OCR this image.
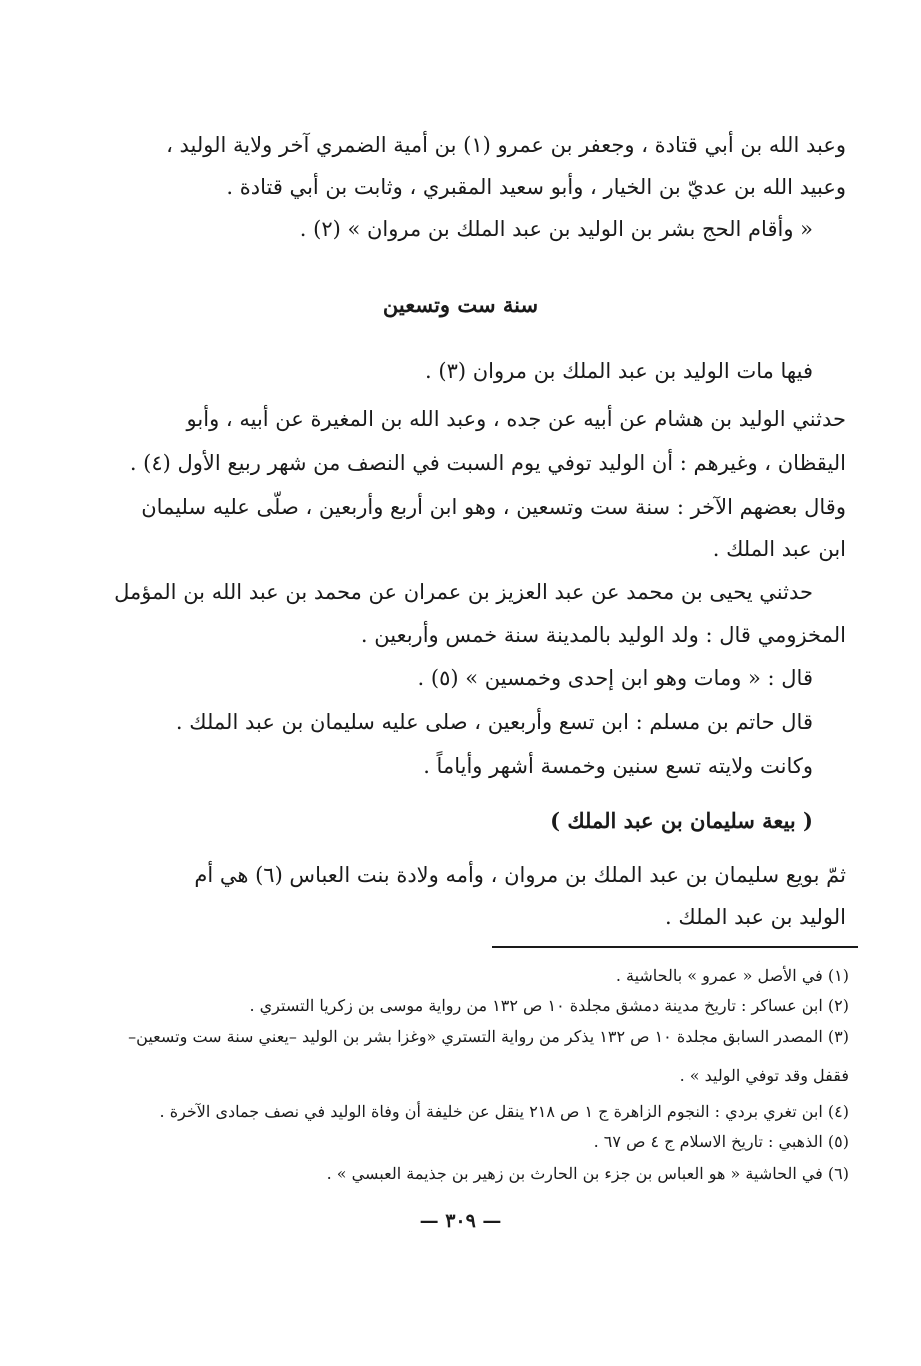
وعبد الله بن أبي قتادة ، وجعفر بن عمرو (١) بن أمية الضمري آخر ولاية الوليد ،
وعبيد الله بن عديّ بن الخيار ، وأبو سعيد المقبري ، وثابت بن أبي قتادة .
« وأقام الحج بشر بن الوليد بن عبد الملك بن مروان » (٢) .
سنة ست وتسعين
فيها مات الوليد بن عبد الملك بن مروان (٣) .
حدثني الوليد بن هشام عن أبيه عن جده ، وعبد الله بن المغيرة عن أبيه ، وأبو
اليقظان ، وغيرهم : أن الوليد توفي يوم السبت في النصف من شهر ربيع الأول (٤) .
وقال بعضهم الآخر : سنة ست وتسعين ، وهو ابن أربع وأربعين ، صلّى عليه سليمان
ابن عبد الملك .
حدثني يحيى بن محمد عن عبد العزيز بن عمران عن محمد بن عبد الله بن المؤمل
المخزومي قال : ولد الوليد بالمدينة سنة خمس وأربعين .
قال : « ومات وهو ابن إحدى وخمسين » (٥) .
قال حاتم بن مسلم : ابن تسع وأربعين ، صلى عليه سليمان بن عبد الملك .
وكانت ولايته تسع سنين وخمسة أشهر وأياماً .
( بيعة سليمان بن عبد الملك )
ثمّ بويع سليمان بن عبد الملك بن مروان ، وأمه ولادة بنت العباس (٦) هي أم
الوليد بن عبد الملك .
(١) في الأصل « عمرو » بالحاشية .
(٢) ابن عساكر : تاريخ مدينة دمشق مجلدة ١٠ ص ١٣٢ من رواية موسى بن زكريا التستري .
(٣) المصدر السابق مجلدة ١٠ ص ١٣٢ يذكر من رواية التستري «وغزا بشر بن الوليد –يعني سنة ست وتسعين–
فقفل وقد توفي الوليد » .
(٤) ابن تغري بردي : النجوم الزاهرة ج ١ ص ٢١٨ ينقل عن خليفة أن وفاة الوليد في نصف جمادى الآخرة .
(٥) الذهبي : تاريخ الاسلام ج ٤ ص ٦٧ .
(٦) في الحاشية « هو العباس بن جزء بن الحارث بن زهير بن جذيمة العبسي » .
— ٣٠٩ —
